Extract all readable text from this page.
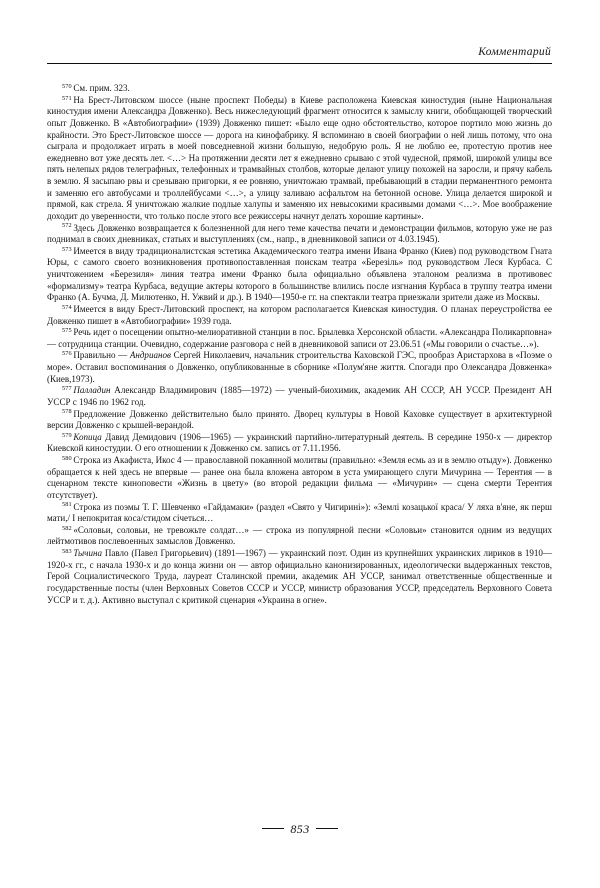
Комментарий

$^{570}$ См. прим. 323.

$^{571}$ На Брест-Литовском шоссе (ныне проспект Победы) в Киеве расположена Киевская киностудия (ныне Национальная киностудия имени Александра Довженко). Весь нижеследующий фрагмент относится к замыслу книги, обобщающей творческий опыт Довженко. В «Автобиографии» (1939) Довженко пишет: «Было еще одно обстоятельство, которое портило мою жизнь до крайности. Это Брест-Литовское шоссе — дорога на кинофабрику. Я вспоминаю в своей биографии о ней лишь потому, что она сыграла и продолжает играть в моей повседневной жизни большую, недобрую роль. Я не люблю ее, протестую против нее ежедневно вот уже десять лет. <…> На протяжении десяти лет я ежедневно срываю с этой чудесной, прямой, широкой улицы все пять нелепых рядов телеграфных, телефонных и трамвайных столбов, которые делают улицу похожей на заросли, и прячу кабель в землю. Я засыпаю рвы и срезываю пригорки, я ее ровняю, уничтожаю трамвай, пребывающий в стадии перманентного ремонта и заменяю его автобусами и троллейбусами <…>, а улицу заливаю асфальтом на бетонной основе. Улица делается широкой и прямой, как стрела. Я уничтожаю жалкие подлые халупы и заменяю их невысокими красивыми домами <…>. Мое воображение доходит до уверенности, что только после этого все режиссеры начнут делать хорошие картины».

$^{572}$ Здесь Довженко возвращается к болезненной для него теме качества печати и демонстрации фильмов, которую уже не раз поднимал в своих дневниках, статьях и выступлениях (см., напр., в дневниковой записи от 4.03.1945).

$^{573}$ Имеется в виду традиционалистская эстетика Академического театра имени Ивана Франко (Киев) под руководством Гната Юры, с самого своего возникновения противопоставленная поискам театра «Березіль» под руководством Леся Курбаса. С уничтожением «Березиля» линия театра имени Франко была официально объявлена эталоном реализма в противовес «формализму» театра Курбаса, ведущие актеры которого в большинстве влились после изгнания Курбаса в труппу театра имени Франко (А. Бучма, Д. Милютенко, Н. Ужвий и др.). В 1940—1950-е гг. на спектакли театра приезжали зрители даже из Москвы.

$^{574}$ Имеется в виду Брест-Литовский проспект, на котором располагается Киевская киностудия. О планах переустройства ее Довженко пишет в «Автобиографии» 1939 года.

$^{575}$ Речь идет о посещении опытно-мелиоративной станции в пос. Брылевка Херсонской области. «Александра Поликарповна» — сотрудница станции. Очевидно, содержание разговора с ней в дневниковой записи от 23.06.51 («Мы говорили о счастье…»).

$^{576}$ Правильно — Андрианов Сергей Николаевич, начальник строительства Каховской ГЭС, прообраз Аристархова в «Поэме о море». Оставил воспоминания о Довженко, опубликованные в сборнике «Полум'яне життя. Спогади про Олександра Довженка» (Киев,1973).

$^{577}$ Палладин Александр Владимирович (1885—1972) — ученый-биохимик, академик АН СССР, АН УССР. Президент АН УССР с 1946 по 1962 год.

$^{578}$ Предложение Довженко действительно было принято. Дворец культуры в Новой Каховке существует в архитектурной версии Довженко с крышей-верандой.

$^{579}$ Копица Давид Демидович (1906—1965) — украинский партийно-литературный деятель. В середине 1950-х — директор Киевской киностудии. О его отношении к Довженко см. запись от 7.11.1956.

$^{580}$ Строка из Акафиста, Икос 4 — православной покаянной молитвы (правильно: «Земля есмь аз и в землю отыду»). Довженко обращается к ней здесь не впервые — ранее она была вложена автором в уста умирающего слуги Мичурина — Терентия — в сценарном тексте киноповести «Жизнь в цвету» (во второй редакции фильма — «Мичурин» — сцена смерти Терентия отсутствует).

$^{581}$ Строка из поэмы Т. Г. Шевченко «Гайдамаки» (раздел «Свято у Чигирині»): «Землі козацької краса/ У ляха в'яне, як перш мати,/ І непокритая коса/стидом січеться…

$^{582}$ «Соловьи, соловьи, не тревожьте солдат…» — строка из популярной песни «Соловьи» становится одним из ведущих лейтмотивов послевоенных замыслов Довженко.

$^{583}$ Тычина Павло (Павел Григорьевич) (1891—1967) — украинский поэт. Один из крупнейших украинских лириков в 1910—1920-х гг., с начала 1930-х и до конца жизни он — автор официально канонизированных, идеологически выдержанных текстов, Герой Социалистического Труда, лауреат Сталинской премии, академик АН УССР, занимал ответственные общественные и государственные посты (член Верховных Советов СССР и УССР, министр образования УССР, председатель Верховного Совета УССР и т. д.). Активно выступал с критикой сценария «Украина в огне».

853
